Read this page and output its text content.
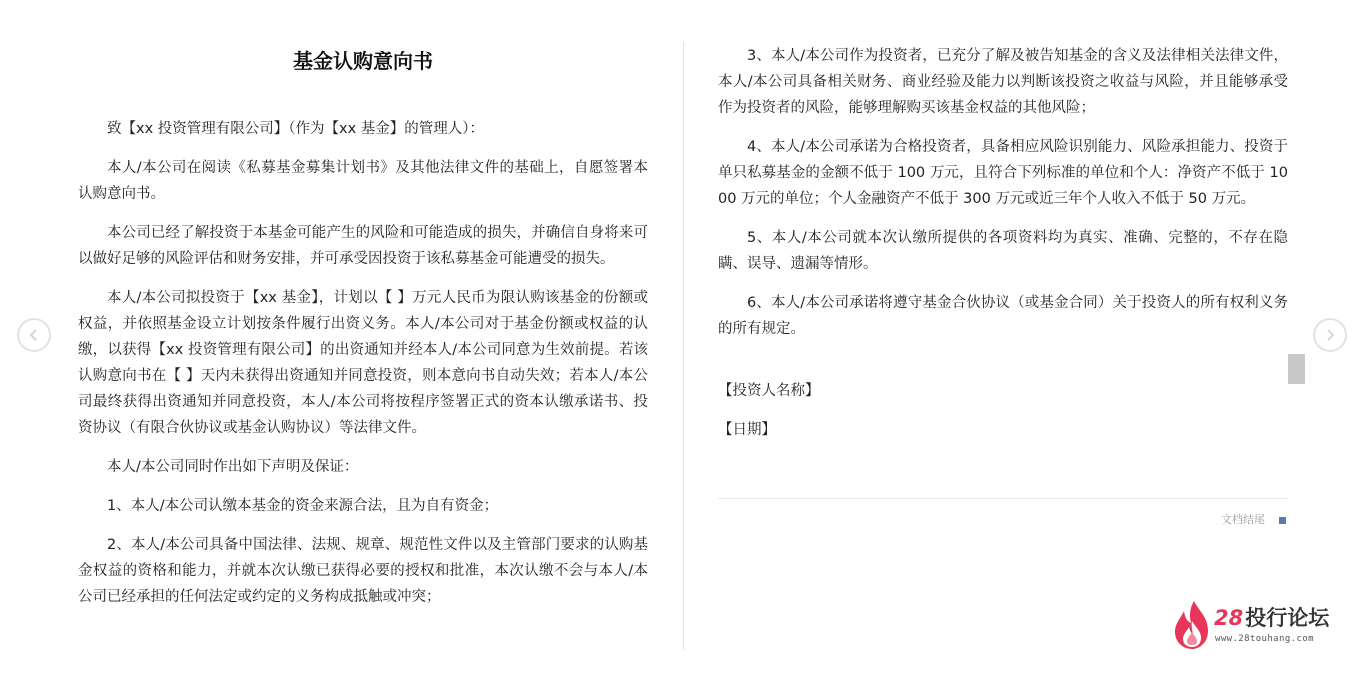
基金认购意向书

致【xx 投资管理有限公司】（作为【xx 基金】的管理人）：

本人/本公司在阅读《私募基金募集计划书》及其他法律文件的基础上，自愿签署本认购意向书。

本公司已经了解投资于本基金可能产生的风险和可能造成的损失，并确信自身将来可以做好足够的风险评估和财务安排，并可承受因投资于该私募基金可能遭受的损失。

本人/本公司拟投资于【xx 基金】，计划以【 】万元人民币为限认购该基金的份额或权益，并依照基金设立计划按条件履行出资义务。本人/本公司对于基金份额或权益的认缴，以获得【xx 投资管理有限公司】的出资通知并经本人/本公司同意为生效前提。若该认购意向书在【 】天内未获得出资通知并同意投资，则本意向书自动失效；若本人/本公司最终获得出资通知并同意投资，本人/本公司将按程序签署正式的资本认缴承诺书、投资协议（有限合伙协议或基金认购协议）等法律文件。

本人/本公司同时作出如下声明及保证：

1、本人/本公司认缴本基金的资金来源合法，且为自有资金；

2、本人/本公司具备中国法律、法规、规章、规范性文件以及主管部门要求的认购基金权益的资格和能力，并就本次认缴已获得必要的授权和批准，本次认缴不会与本人/本公司已经承担的任何法定或约定的义务构成抵触或冲突；

3、本人/本公司作为投资者，已充分了解及被告知基金的含义及法律相关法律文件，本人/本公司具备相关财务、商业经验及能力以判断该投资之收益与风险，并且能够承受作为投资者的风险，能够理解购买该基金权益的其他风险；

4、本人/本公司承诺为合格投资者，具备相应风险识别能力、风险承担能力、投资于单只私募基金的金额不低于 100 万元，且符合下列标准的单位和个人：净资产不低于 1000 万元的单位；个人金融资产不低于 300 万元或近三年个人收入不低于 50 万元。

5、本人/本公司就本次认缴所提供的各项资料均为真实、准确、完整的，不存在隐瞒、误导、遗漏等情形。

6、本人/本公司承诺将遵守基金合伙协议（或基金合同）关于投资人的所有权利义务的所有规定。

【投资人名称】

【日期】

文档结尾
28投行论坛
www.28touhang.com
